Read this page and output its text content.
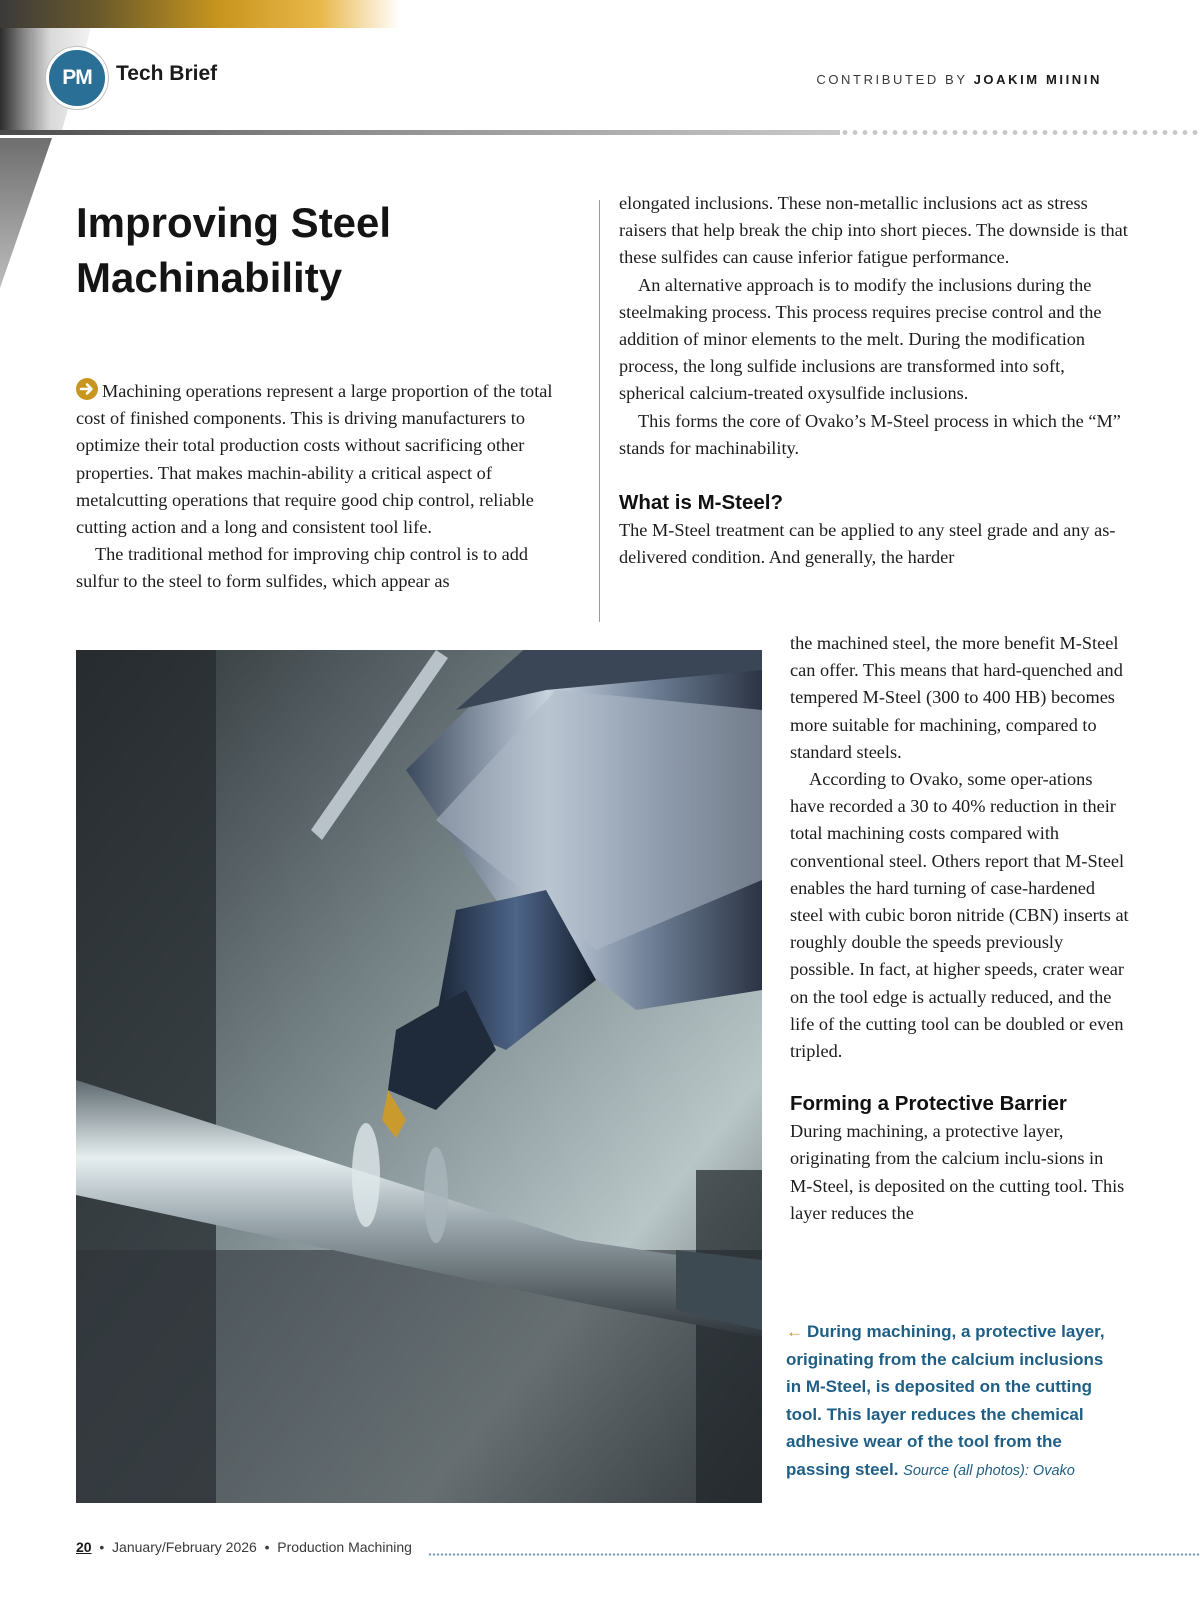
PM	Tech Brief	CONTRIBUTED BY JOAKIM MIININ
Improving Steel
Machinability

Machining operations represent a large proportion of the total cost of finished components. This is driving manufacturers to optimize their total production costs without sacrificing other properties. That makes machin-ability a critical aspect of metalcutting operations that require good chip control, reliable cutting action and a long and consistent tool life.

The traditional method for improving chip control is to add sulfur to the steel to form sulfides, which appear as

elongated inclusions. These non-metallic inclusions act as stress raisers that help break the chip into short pieces. The downside is that these sulfides can cause inferior fatigue performance.

An alternative approach is to modify the inclusions during the steelmaking process. This process requires precise control and the addition of minor elements to the melt. During the modification process, the long sulfide inclusions are transformed into soft, spherical calcium-treated oxysulfide inclusions.

This forms the core of Ovako’s M-Steel process in which the “M” stands for machinability.

What is M-Steel?

The M-Steel treatment can be applied to any steel grade and any as-delivered condition. And generally, the harder

the machined steel, the more benefit M-Steel can offer. This means that hard-quenched and tempered M-Steel (300 to 400 HB) becomes more suitable for machining, compared to standard steels.

According to Ovako, some oper-ations have recorded a 30 to 40% reduction in their total machining costs compared with conventional steel. Others report that M-Steel enables the hard turning of case-hardened steel with cubic boron nitride (CBN) inserts at roughly double the speeds previously possible. In fact, at higher speeds, crater wear on the tool edge is actually reduced, and the life of the cutting tool can be doubled or even tripled.

Forming a Protective Barrier

During machining, a protective layer, originating from the calcium inclu-sions in M-Steel, is deposited on the cutting tool. This layer reduces the

← During machining, a protective layer, originating from the calcium inclusions in M-Steel, is deposited on the cutting tool. This layer reduces the chemical adhesive wear of the tool from the passing steel. Source (all photos): Ovako

20  •  January/February 2026  •  Production Machining
